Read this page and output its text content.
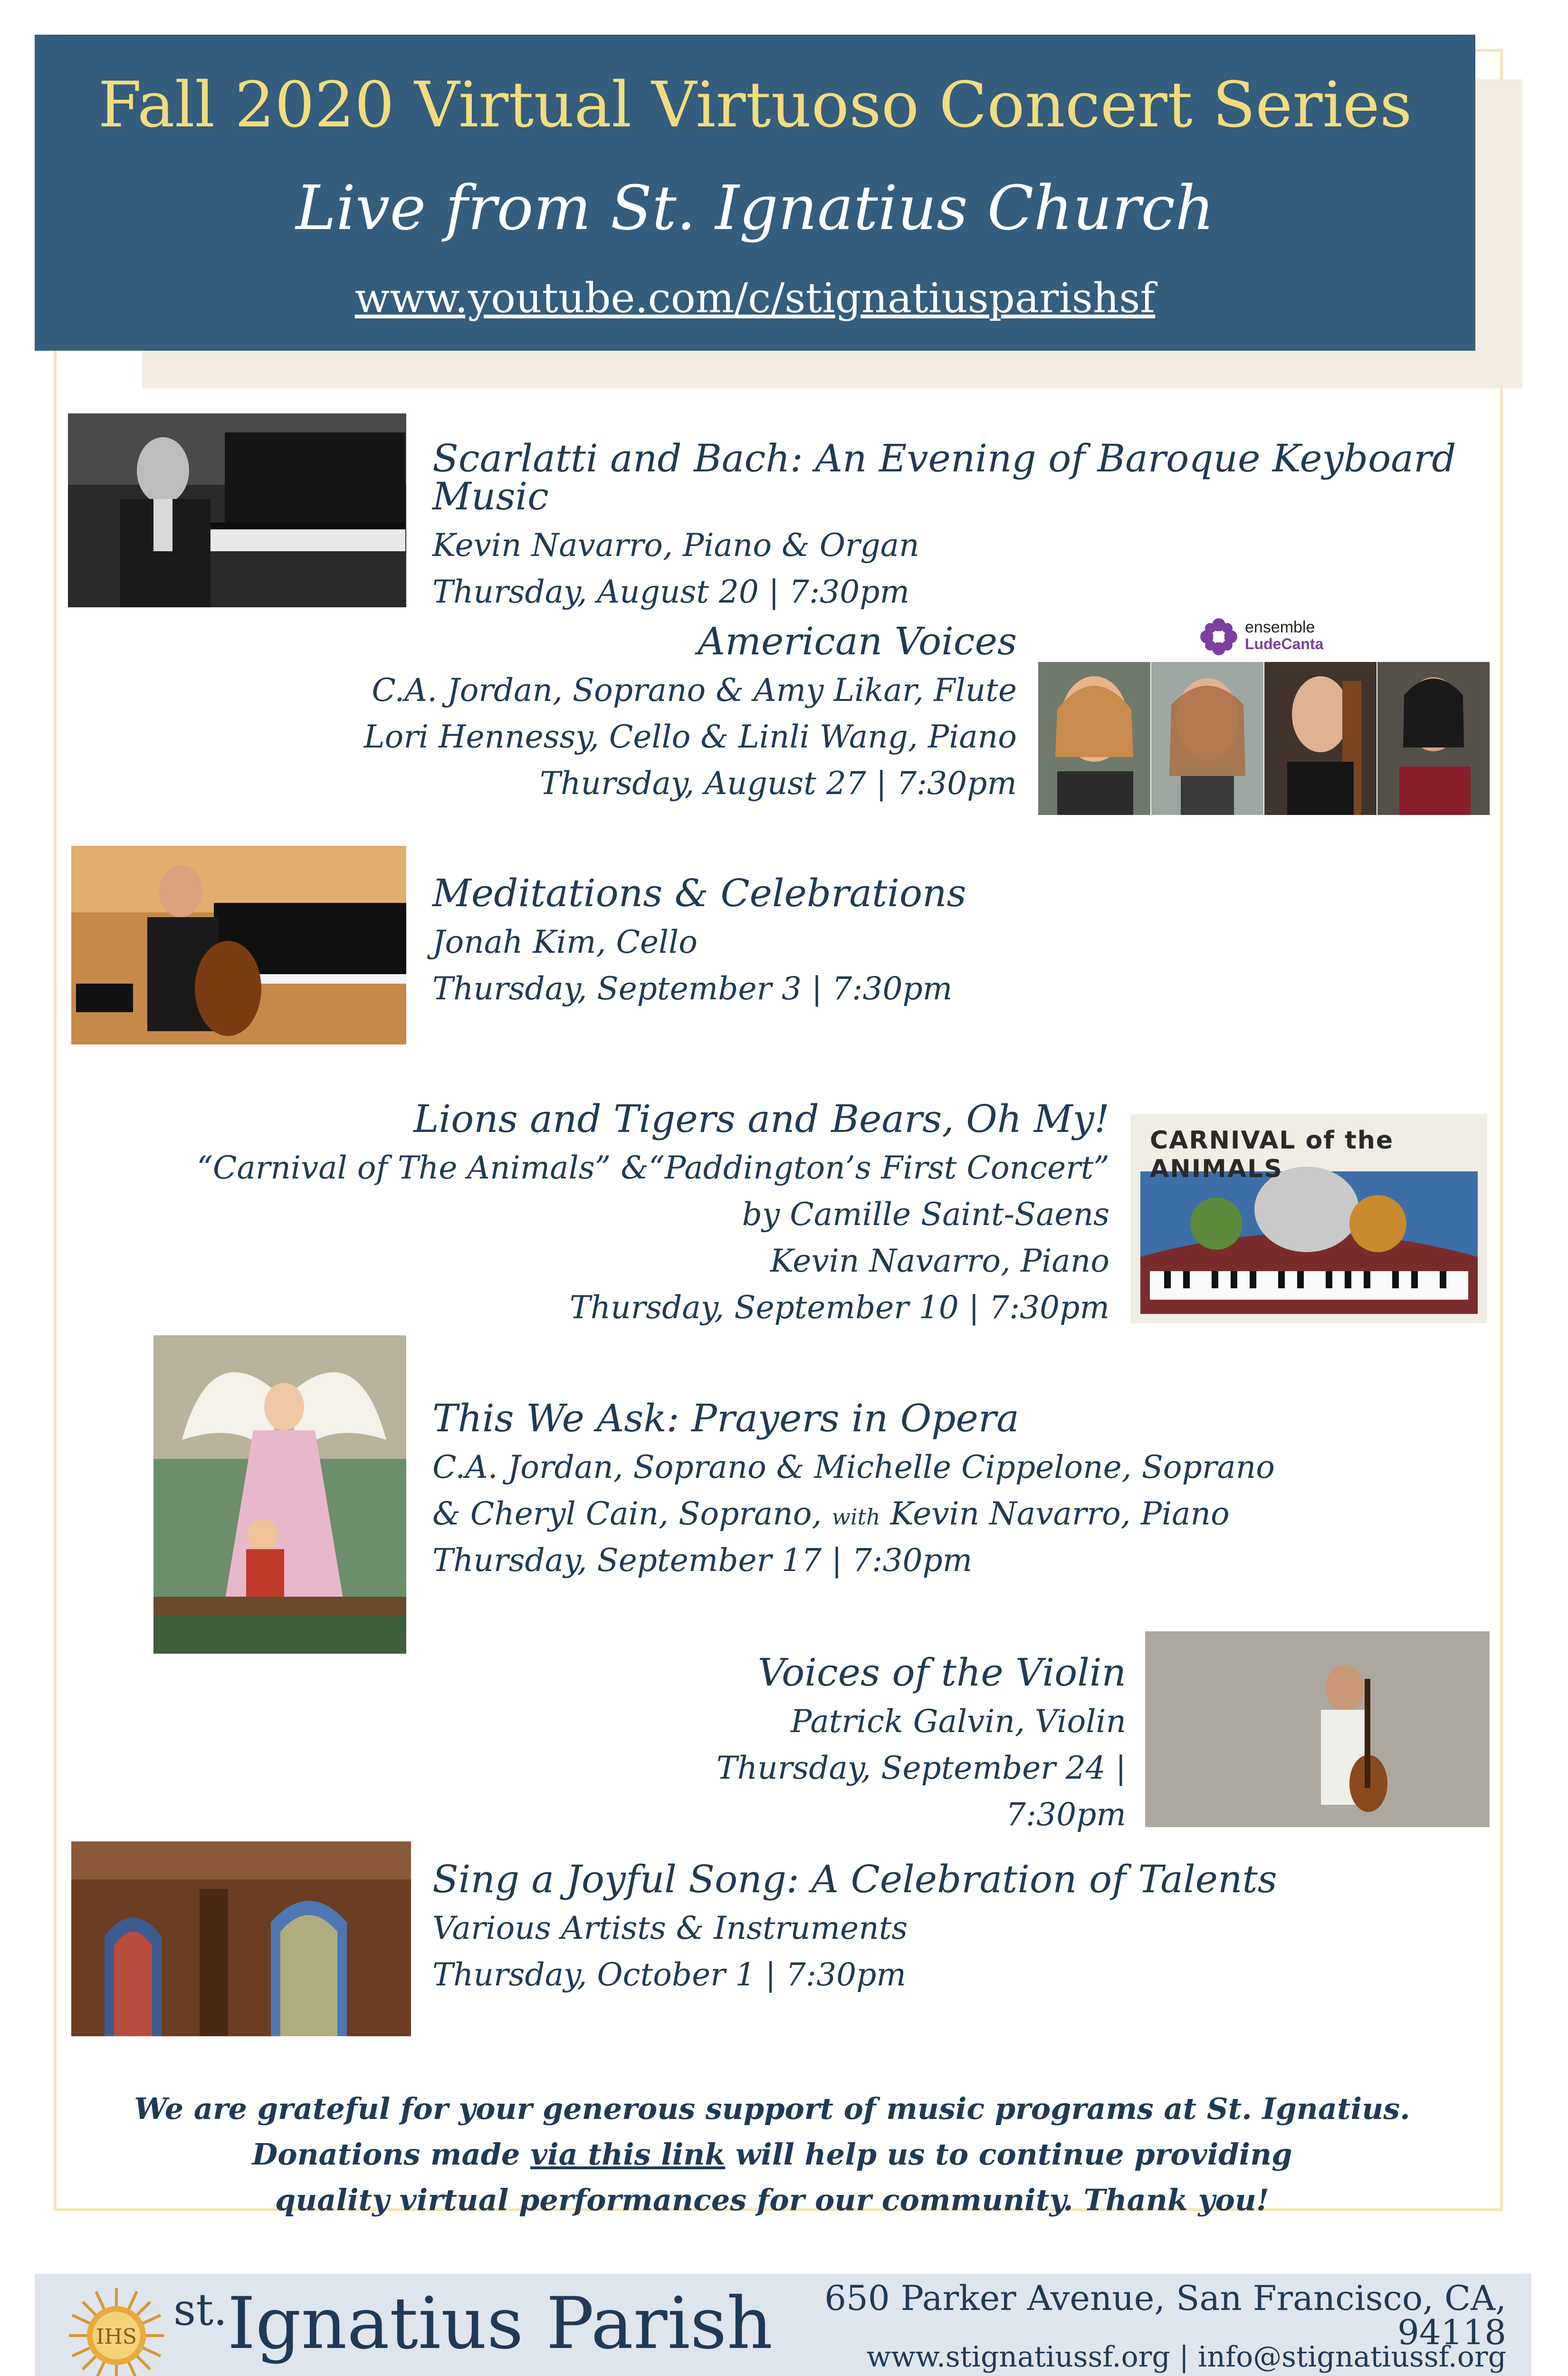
Fall 2020 Virtual Virtuoso Concert Series
Live from St. Ignatius Church
www.youtube.com/c/stignatiusparishsf
Scarlatti and Bach: An Evening of Baroque Keyboard Music
Kevin Navarro, Piano & Organ
Thursday, August 20 | 7:30pm
American Voices
C.A. Jordan, Soprano & Amy Likar, Flute
Lori Hennessy, Cello & Linli Wang, Piano
Thursday, August 27 | 7:30pm
ensemble
LudeCanta
Meditations & Celebrations
Jonah Kim, Cello
Thursday, September 3 | 7:30pm
Lions and Tigers and Bears, Oh My!
“Carnival of The Animals” &“Paddington’s First Concert”
by Camille Saint-Saens
Kevin Navarro, Piano
Thursday, September 10 | 7:30pm
CARNIVAL of the ANIMALS
This We Ask: Prayers in Opera
C.A. Jordan, Soprano & Michelle Cippelone, Soprano
& Cheryl Cain, Soprano, with Kevin Navarro, Piano
Thursday, September 17 | 7:30pm
Voices of the Violin
Patrick Galvin, Violin
Thursday, September 24 |
7:30pm
Sing a Joyful Song: A Celebration of Talents
Various Artists & Instruments
Thursday, October 1 | 7:30pm
We are grateful for your generous support of music programs at St. Ignatius.
Donations made via this link will help us to continue providing
quality virtual performances for our community. Thank you!
IHS
$^{st.}$Ignatius Parish	650 Parker Avenue, San Francisco, CA, 94118
www.stignatiussf.org | info@stignatiussf.org
